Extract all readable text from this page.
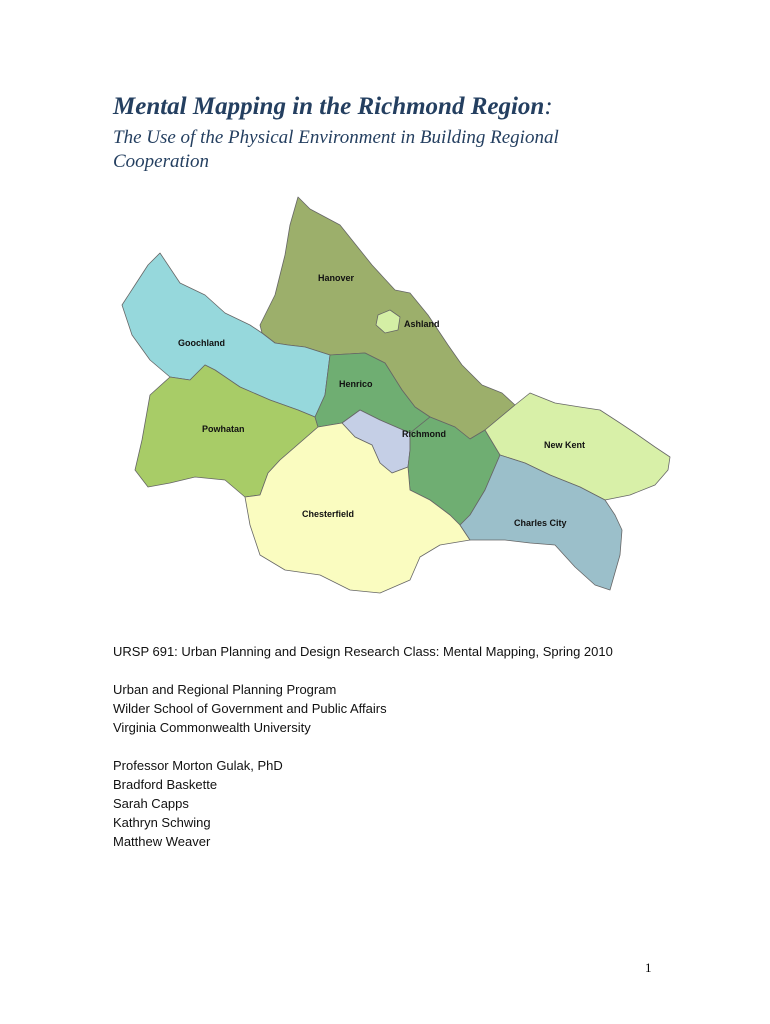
Mental Mapping in the Richmond Region:

The Use of the Physical Environment in Building Regional Cooperation

Hanover
Ashland
Goochland
Henrico
Powhatan	Richmond
New Kent
Chesterfield
Charles City
URSP 691: Urban Planning and Design Research Class: Mental Mapping, Spring 2010
Urban and Regional Planning Program
Wilder School of Government and Public Affairs
Virginia Commonwealth University
Professor Morton Gulak, PhD
Bradford Baskette
Sarah Capps
Kathryn Schwing
Matthew Weaver
1
